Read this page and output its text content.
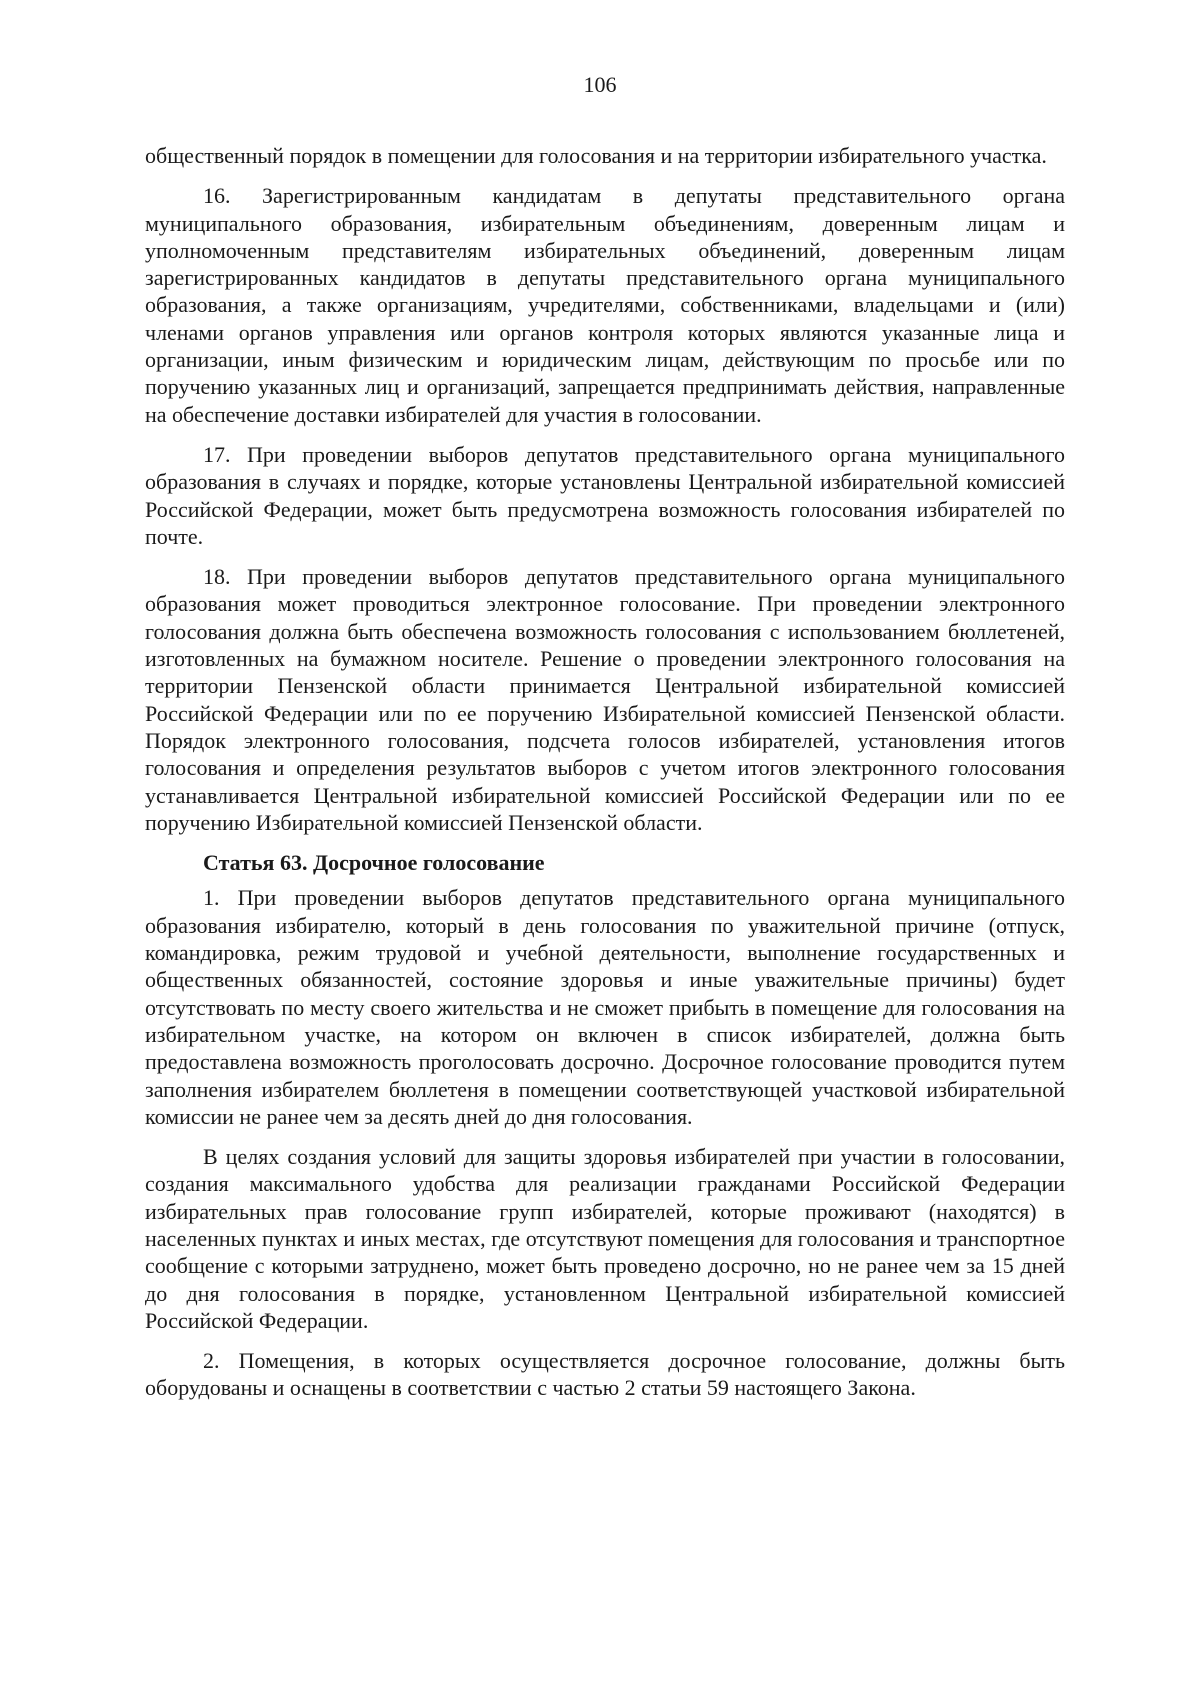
106

общественный порядок в помещении для голосования и на территории избирательного участка.

16. Зарегистрированным кандидатам в депутаты представительного органа муниципального образования, избирательным объединениям, доверенным лицам и уполномоченным представителям избирательных объединений, доверенным лицам зарегистрированных кандидатов в депутаты представительного органа муниципального образования, а также организациям, учредителями, собственниками, владельцами и (или) членами органов управления или органов контроля которых являются указанные лица и организации, иным физическим и юридическим лицам, действующим по просьбе или по поручению указанных лиц и организаций, запрещается предпринимать действия, направленные на обеспечение доставки избирателей для участия в голосовании.

17. При проведении выборов депутатов представительного органа муниципального образования в случаях и порядке, которые установлены Центральной избирательной комиссией Российской Федерации, может быть предусмотрена возможность голосования избирателей по почте.

18. При проведении выборов депутатов представительного органа муниципального образования может проводиться электронное голосование. При проведении электронного голосования должна быть обеспечена возможность голосования с использованием бюллетеней, изготовленных на бумажном носителе. Решение о проведении электронного голосования на территории Пензенской области принимается Центральной избирательной комиссией Российской Федерации или по ее поручению Избирательной комиссией Пензенской области. Порядок электронного голосования, подсчета голосов избирателей, установления итогов голосования и определения результатов выборов с учетом итогов электронного голосования устанавливается Центральной избирательной комиссией Российской Федерации или по ее поручению Избирательной комиссией Пензенской области.

Статья 63. Досрочное голосование

1. При проведении выборов депутатов представительного органа муниципального образования избирателю, который в день голосования по уважительной причине (отпуск, командировка, режим трудовой и учебной деятельности, выполнение государственных и общественных обязанностей, состояние здоровья и иные уважительные причины) будет отсутствовать по месту своего жительства и не сможет прибыть в помещение для голосования на избирательном участке, на котором он включен в список избирателей, должна быть предоставлена возможность проголосовать досрочно. Досрочное голосование проводится путем заполнения избирателем бюллетеня в помещении соответствующей участковой избирательной комиссии не ранее чем за десять дней до дня голосования.

В целях создания условий для защиты здоровья избирателей при участии в голосовании, создания максимального удобства для реализации гражданами Российской Федерации избирательных прав голосование групп избирателей, которые проживают (находятся) в населенных пунктах и иных местах, где отсутствуют помещения для голосования и транспортное сообщение с которыми затруднено, может быть проведено досрочно, но не ранее чем за 15 дней до дня голосования в порядке, установленном Центральной избирательной комиссией Российской Федерации.

2. Помещения, в которых осуществляется досрочное голосование, должны быть оборудованы и оснащены в соответствии с частью 2 статьи 59 настоящего Закона.
